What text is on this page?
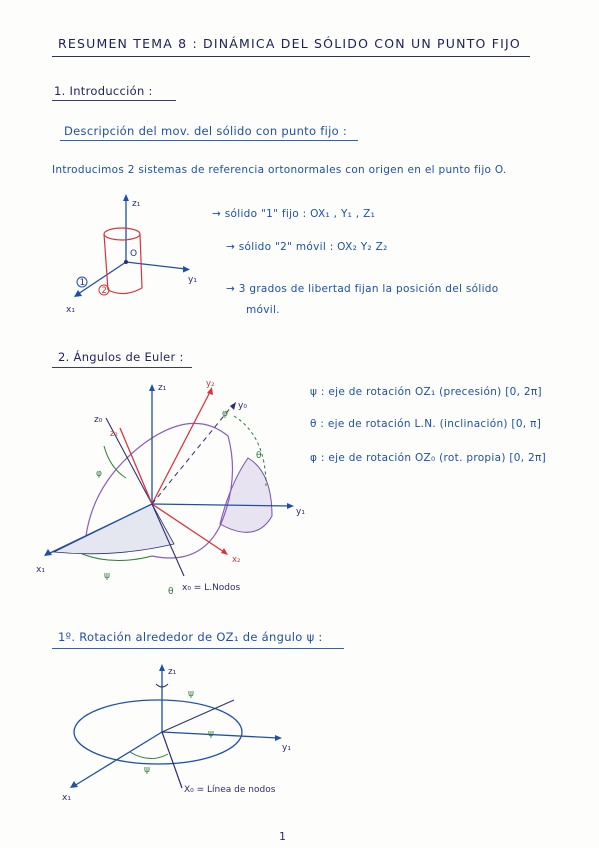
RESUMEN TEMA 8 : DINÁMICA DEL SÓLIDO CON UN PUNTO FIJO
1. Introducción :
Descripción del mov. del sólido con punto fijo :
Introducimos 2 sistemas de referencia ortonormales con origen en el punto fijo O.
→ sólido "1" fijo : OX₁ , Y₁ , Z₁
→ sólido "2" móvil : OX₂ Y₂ Z₂
→ 3 grados de libertad fijan la posición del sólido
móvil.
z₁
y₁
x₁
O
1
2
2. Ángulos de Euler :
ψ : eje de rotación OZ₁ (precesión) [0, 2π]
θ : eje de rotación L.N. (inclinación) [0, π]
φ : eje de rotación OZ₀ (rot. propia) [0, 2π]
z₁
z₀
z₂
y₂
y₀
y₁
x₁
x₂
x₀ = L.Nodos
ψ
θ
φ
θ
φ
1º. Rotación alrededor de OZ₁ de ángulo ψ :
z₁
y₁
x₁
X₀ = Línea de nodos
ψ
ψ
ψ
1
